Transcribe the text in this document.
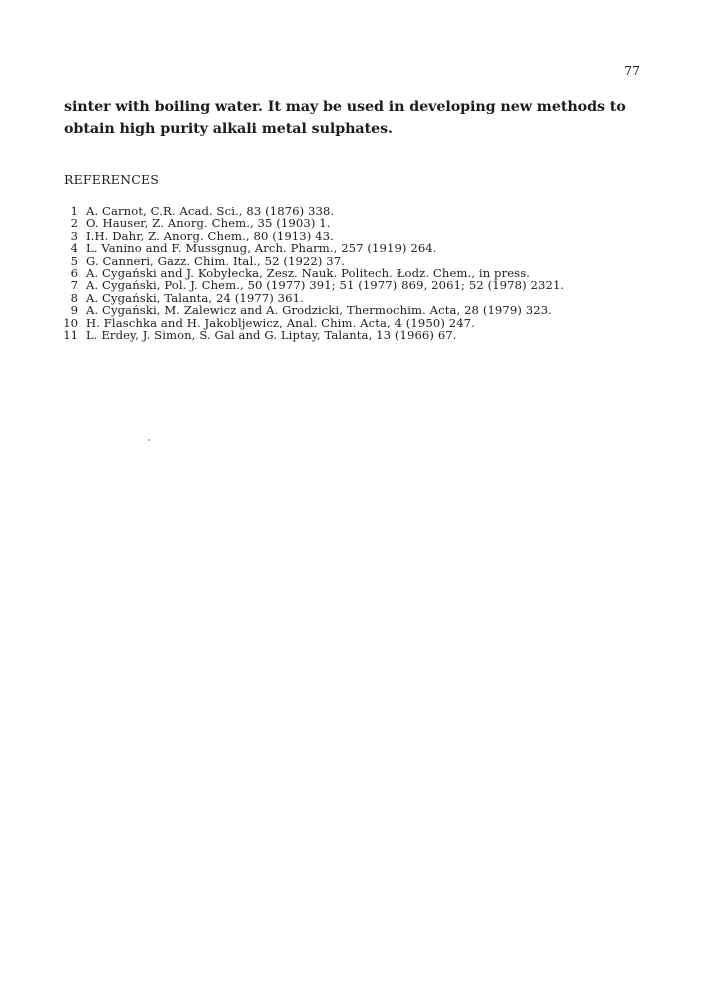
77

sinter with boiling water. It may be used in developing new methods to obtain high purity alkali metal sulphates.

REFERENCES
1 A. Carnot, C.R. Acad. Sci., 83 (1876) 338.
2 O. Hauser, Z. Anorg. Chem., 35 (1903) 1.
3 I.H. Dahr, Z. Anorg. Chem., 80 (1913) 43.
4 L. Vanino and F. Mussgnug, Arch. Pharm., 257 (1919) 264.
5 G. Canneri, Gazz. Chim. Ital., 52 (1922) 37.
6 A. Cygański and J. Kobyłecka, Zesz. Nauk. Politech. Łodz. Chem., in press.
7 A. Cygański, Pol. J. Chem., 50 (1977) 391; 51 (1977) 869, 2061; 52 (1978) 2321.
8 A. Cygański, Talanta, 24 (1977) 361.
9 A. Cygański, M. Zalewicz and A. Grodzicki, Thermochim. Acta, 28 (1979) 323.
10 H. Flaschka and H. Jakobljewicz, Anal. Chim. Acta, 4 (1950) 247.
11 L. Erdey, J. Simon, S. Gal and G. Liptay, Talanta, 13 (1966) 67.
